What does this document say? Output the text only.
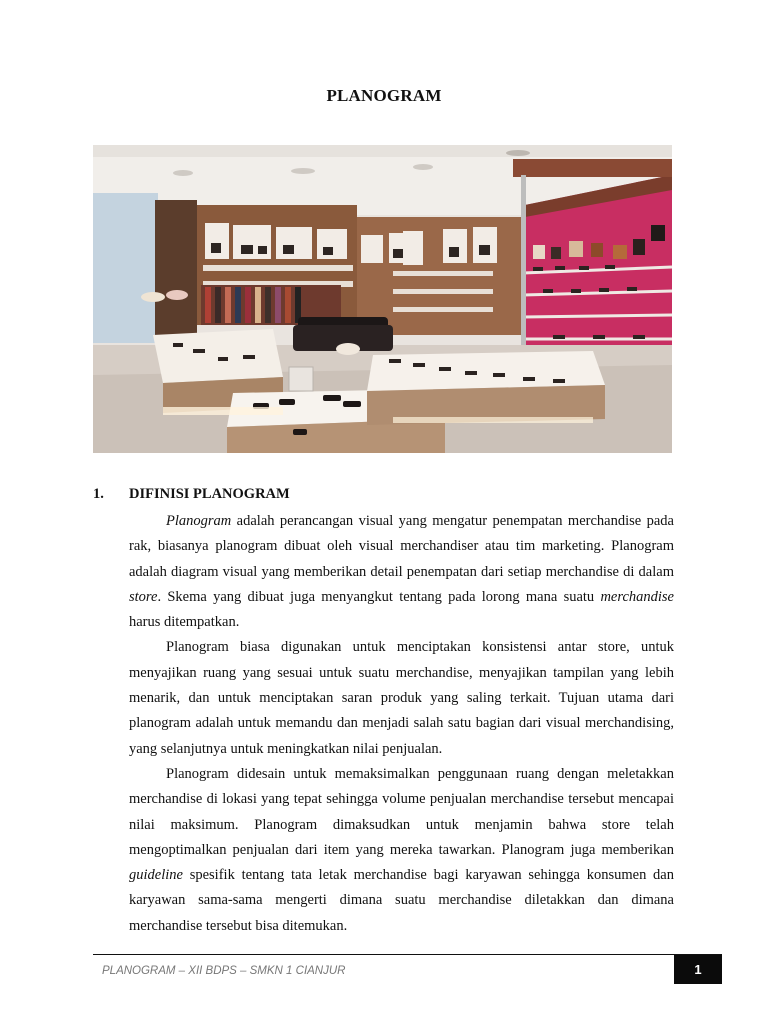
PLANOGRAM
1. DIFINISI PLANOGRAM

Planogram adalah perancangan visual yang mengatur penempatan merchandise pada rak, biasanya planogram dibuat oleh visual merchandiser atau tim marketing. Planogram adalah diagram visual yang memberikan detail penempatan dari setiap merchandise di dalam store. Skema yang dibuat juga menyangkut tentang pada lorong mana suatu merchandise harus ditempatkan.

Planogram biasa digunakan untuk menciptakan konsistensi antar store, untuk menyajikan ruang yang sesuai untuk suatu merchandise, menyajikan tampilan yang lebih menarik, dan untuk menciptakan saran produk yang saling terkait. Tujuan utama dari planogram adalah untuk memandu dan menjadi salah satu bagian dari visual merchandising, yang selanjutnya untuk meningkatkan nilai penjualan.

Planogram didesain untuk memaksimalkan penggunaan ruang dengan meletakkan merchandise di lokasi yang tepat sehingga volume penjualan merchandise tersebut mencapai nilai maksimum. Planogram dimaksudkan untuk menjamin bahwa store telah mengoptimalkan penjualan dari item yang mereka tawarkan. Planogram juga memberikan guideline spesifik tentang tata letak merchandise bagi karyawan sehingga konsumen dan karyawan sama-sama mengerti dimana suatu merchandise diletakkan dan dimana merchandise tersebut bisa ditemukan.

PLANOGRAM – XII BDPS – SMKN 1 CIANJUR	1
